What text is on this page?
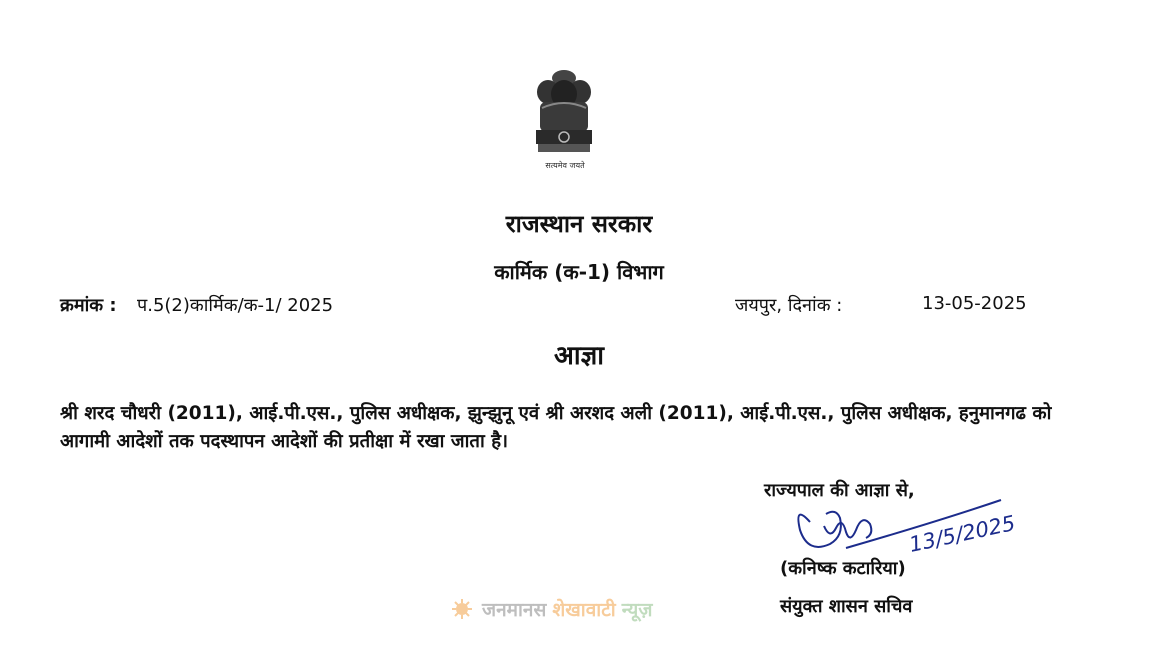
सत्यमेव जयते
राजस्थान सरकार
कार्मिक (क-1) विभाग
क्रमांक : प.5(2)कार्मिक/क-1/ 2025	जयपुर, दिनांक :	13-05-2025
आज्ञा
श्री शरद चौधरी (2011), आई.पी.एस., पुलिस अधीक्षक, झुन्झुनू एवं श्री अरशद अली (2011), आई.पी.एस., पुलिस अधीक्षक, हनुमानगढ को आगामी आदेशों तक पदस्थापन आदेशों की प्रतीक्षा में रखा जाता है।
राज्यपाल की आज्ञा से,
13/5/2025
(कनिष्क कटारिया)
संयुक्त शासन सचिव
जनमानस शेखावाटी न्यूज़
